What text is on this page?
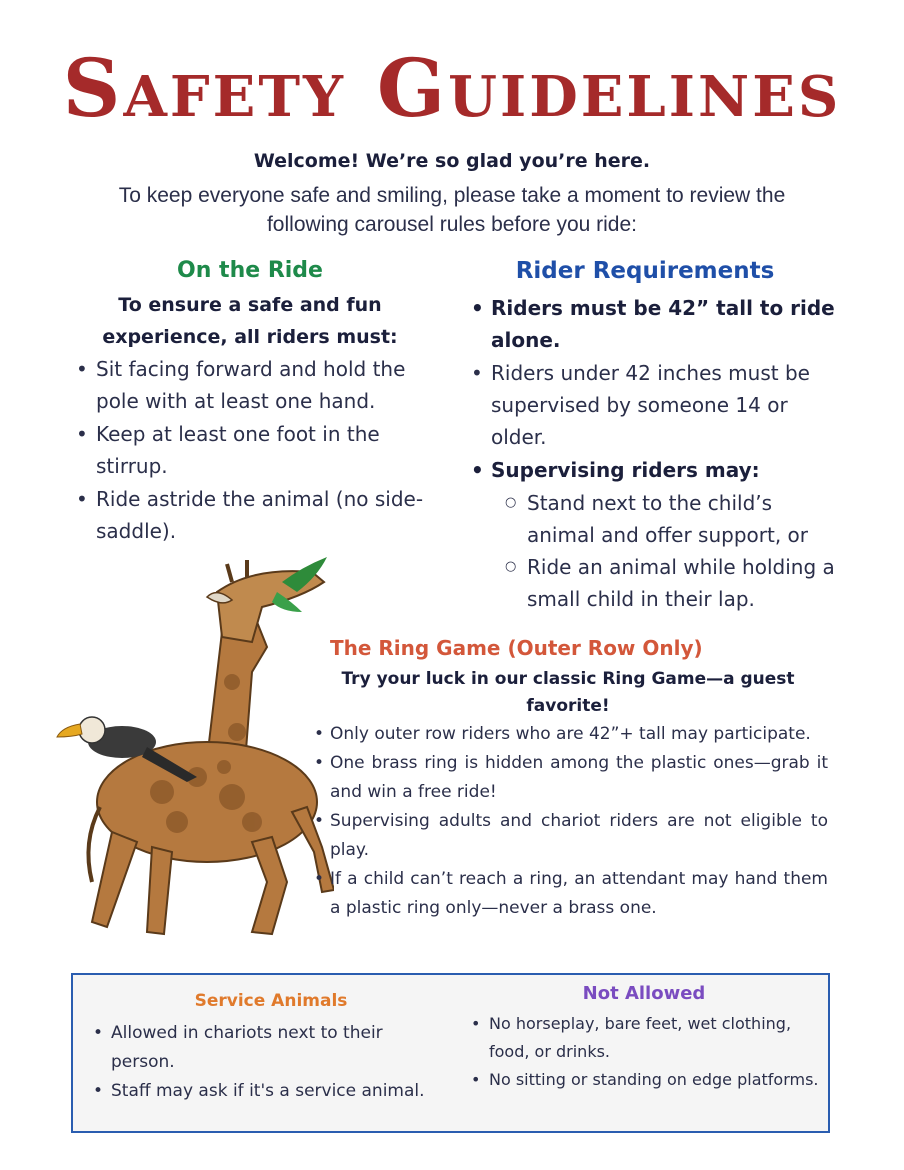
Safety Guidelines
Welcome! We’re so glad you’re here.
To keep everyone safe and smiling, please take a moment to review the following carousel rules before you ride:
On the Ride
To ensure a safe and fun experience, all riders must:
• Sit facing forward and hold the pole with at least one hand.
• Keep at least one foot in the stirrup.
• Ride astride the animal (no side-saddle).
Rider Requirements
• Riders must be 42” tall to ride alone.
• Riders under 42 inches must be supervised by someone 14 or older.
• Supervising riders may:
○ Stand next to the child’s animal and offer support, or
○ Ride an animal while holding a small child in their lap.
The Ring Game (Outer Row Only)
Try your luck in our classic Ring Game—a guest favorite!
• Only outer row riders who are 42”+ tall may participate.
• One brass ring is hidden among the plastic ones—grab it and win a free ride!
• Supervising adults and chariot riders are not eligible to play.
• If a child can’t reach a ring, an attendant may hand them a plastic ring only—never a brass one.
Service Animals
• Allowed in chariots next to their person.
• Staff may ask if it's a service animal.
Not Allowed
• No horseplay, bare feet, wet clothing, food, or drinks.
• No sitting or standing on edge platforms.
